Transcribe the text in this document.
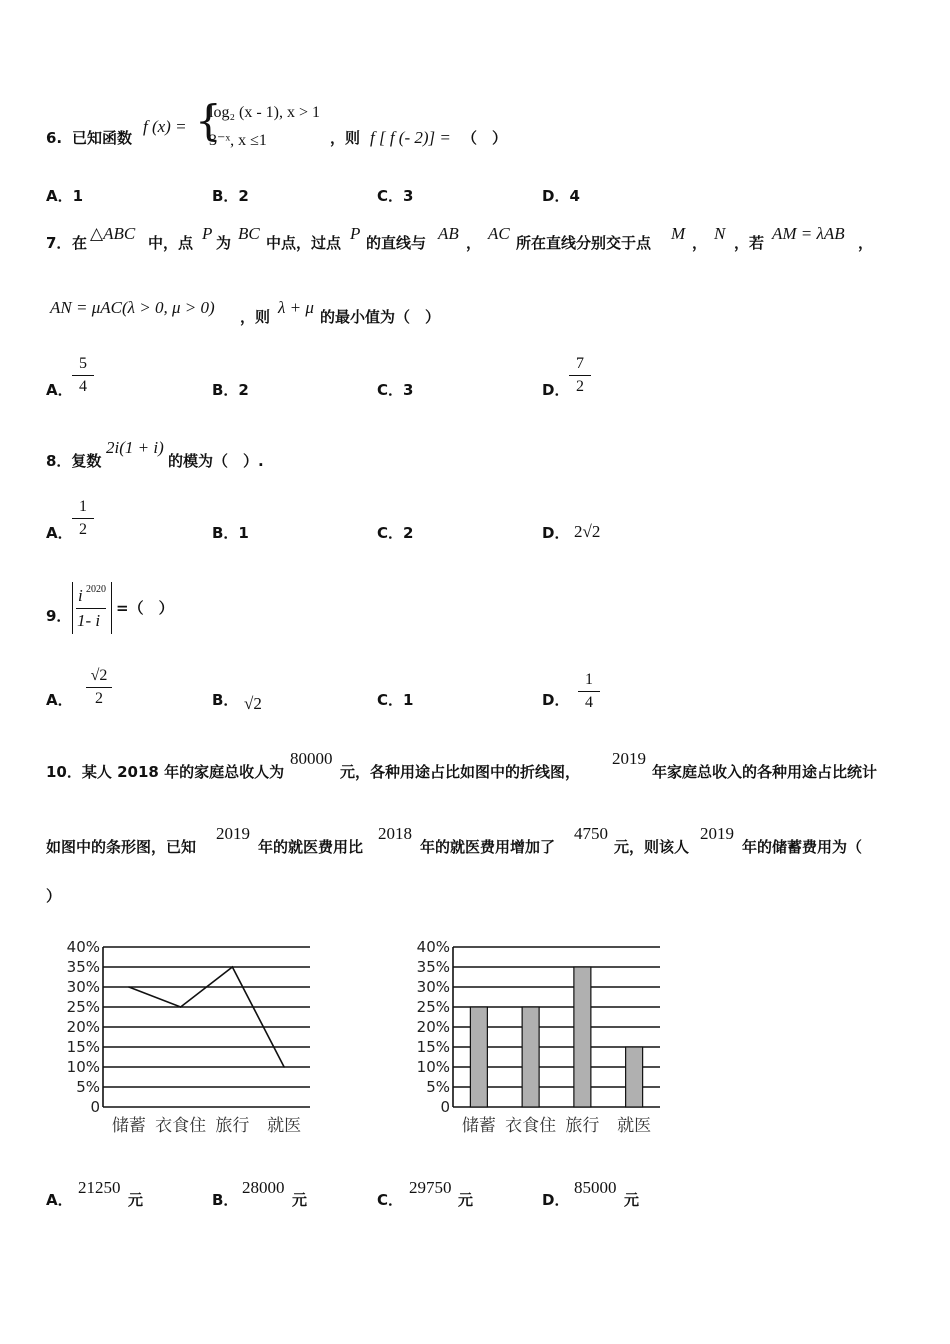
6. 已知函数
f (x) = {
log₂ (x - 1), x > 1
3⁻ˣ, x ≤1	，则 f [ f (- 2)] = （　）
A．1	B．2	C．3	D．4
7． 在 △ABC 中，点 P 为 BC 中点，过点 P 的直线与 AB ， AC 所在直线分别交于点 M ， N ，若 AM = λAB ，
AN = μAC(λ > 0, μ > 0) ，则 λ + μ 的最小值为（　）
A．
5
4	B．2	C．3	D．
7
2
8．复数
2i(1 + i)
的模为（　）.
A．
1
2	B．1	C．2	D． 2√2
9．
i 2020
1- i
=（　）
A．
√2
2	B． √2	C．1	D．
1
4
10．某人 2018 年的家庭总收人为
80000
元，各种用途占比如图中的折线图，
2019
年家庭总收入的各种用途占比统计
如图中的条形图，已知
2019
年的就医费用比
2018
年的就医费用增加了
4750
元，则该人
2019
年的储蓄费用为（
）
0
5%
10%
15%
20%
25%
30%
35%
40%
储蓄 衣食住 旅行 就医
0
5%
10%
15%
20%
25%
30%
35%
40%
储蓄 衣食住 旅行 就医
A．
21250
元	B．
28000
元	C．
29750
元	D．
85000
元
